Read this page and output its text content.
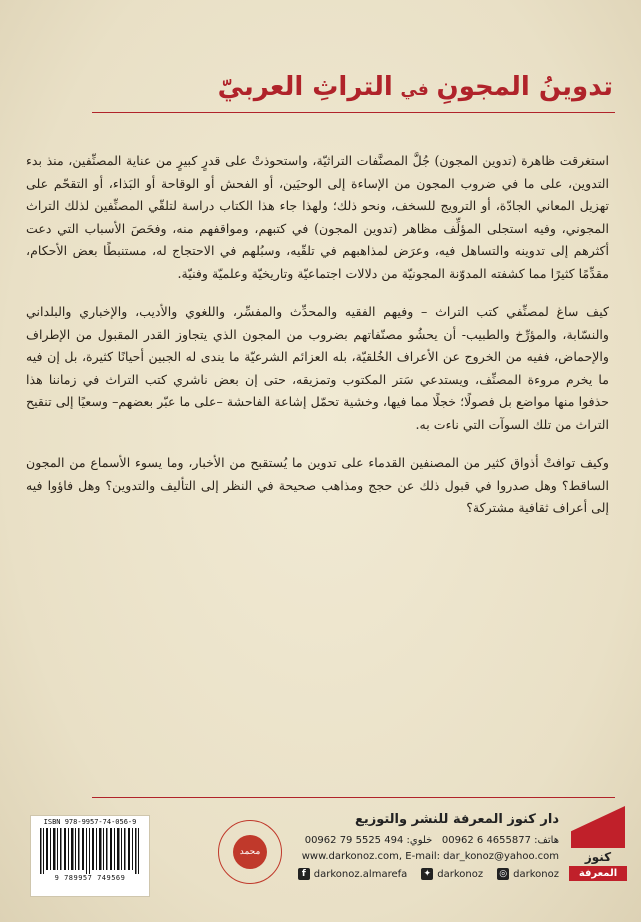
تدوينُ المجونِ في التراثِ العربيّ

استغرقت ظاهرة (تدوين المجون) جُلَّ المصنَّفات التراثيّة، واستحوذتْ على قدرٍ كبيرٍ من عناية المصنِّفين، منذ بدء التدوين، على ما في ضروب المجون من الإساءة إلى الوحيَين، أو الفحش أو الوقاحة أو البَذاء، أو التقحّم على تهزيل المعاني الجادّة، أو الترويج للسخف، ونحو ذلك؛ ولهذا جاء هذا الكتاب دراسة لتلقّي المصنِّفين لذلك التراث المجوني، وفيه استجلى المؤلِّف مظاهر (تدوين المجون) في كتبهم، ومواقفهم منه، وفحَصَ الأسباب التي دعت أكثرهم إلى تدوينه والتساهل فيه، وعرَض لمذاهبهم في تلقّيه، وسبُلهم في الاحتجاج له، مستنبطًا بعض الأحكام، مقدِّمًا كثيرًا مما كشفته المدوّنة المجونيّة من دلالات اجتماعيّة وتاريخيّة وعلميّة وفنيّة.

كيف ساغ لمصنِّفي كتب التراث – وفيهم الفقيه والمحدِّث والمفسِّر، واللغوي والأديب، والإخباري والبلداني والنسّابة، والمؤرِّخ والطبيب- أن يحشُو مصنّفاتهم بضروب من المجون الذي يتجاوز القدر المقبول من الإطراف والإحماض، ففيه من الخروج عن الأعراف الخُلقيّة، بله العزائم الشرعيّة ما يندى له الجبين أحيانًا كثيرة، بل إن فيه ما يخرم مروءة المصنِّف، ويستدعي سَتر المكتوب وتمزيقه، حتى إن بعض ناشري كتب التراث في زماننا هذا حذفوا منها مواضع بل فصولًا؛ خجلًا مما فيها، وخشية تحمّل إشاعة الفاحشة –على ما عبّر بعضهم– وسعيًا إلى تنقيح التراث من تلك السوآت التي ناءت به.

وكيف توافتْ أذواق كثير من المصنفين القدماء على تدوين ما يُستقبح من الأخبار، وما يسوء الأسماع من المجون الساقط؟ وهل صدروا في قبول ذلك عن حجج ومذاهب صحيحة في النظر إلى التأليف والتدوين؟ وهل فاؤوا فيه إلى أعراف ثقافية مشتركة؟

ISBN 978-9957-74-056-9
9 789957 749569
محمد
دار كنوز المعرفة للنشر والتوزيع
هاتف: 00962 6 4655877   خلوي: 00962 79 5525 494
www.darkonoz.com, E-mail: dar_konoz@yahoo.com
◎ darkonoz
✦ darkonoz
f darkonoz.almarefa
كنوز
المعرفة
